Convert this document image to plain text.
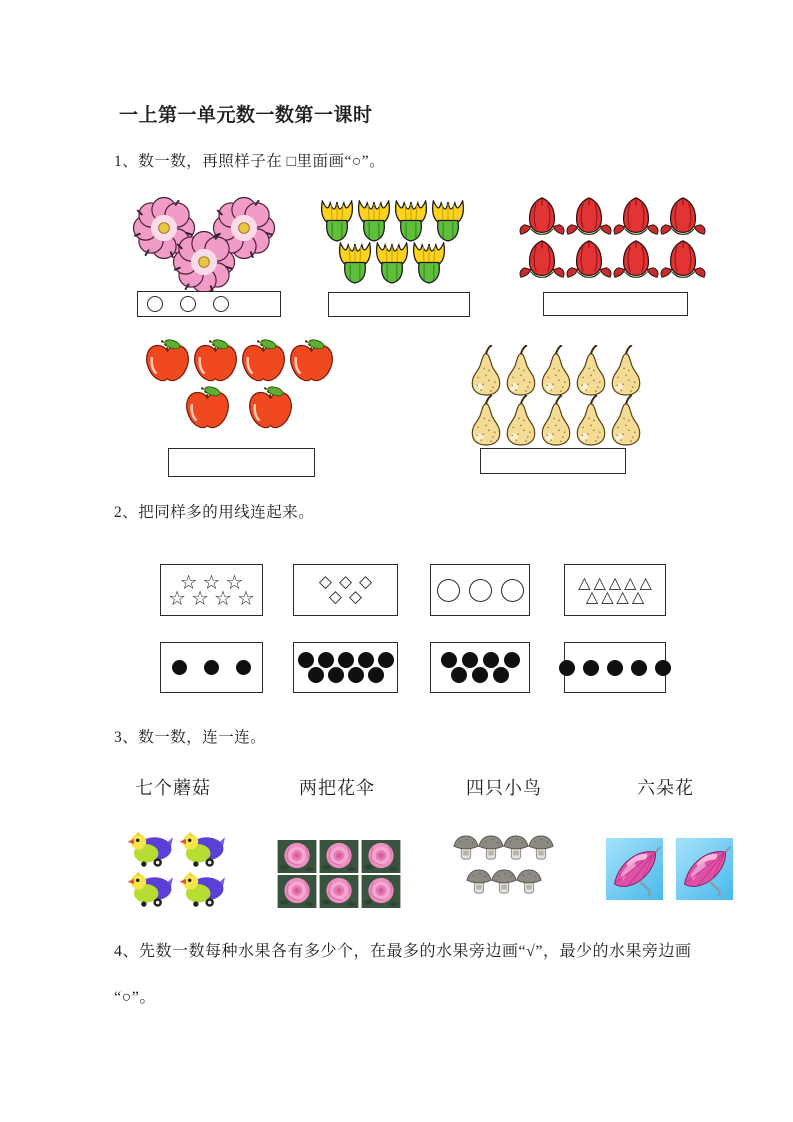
一上第一单元数一数第一课时

1、数一数，再照样子在 □里面画“○”。

2、把同样多的用线连起来。

☆ ☆ ☆
☆ ☆ ☆ ☆
◇ ◇ ◇
◇ ◇
△ △ △ △ △
△ △ △ △

3、数一数，连一连。

七个蘑菇	两把花伞	四只小鸟	六朵花

4、先数一数每种水果各有多少个，在最多的水果旁边画“√”，最少的水果旁边画

“○”。
